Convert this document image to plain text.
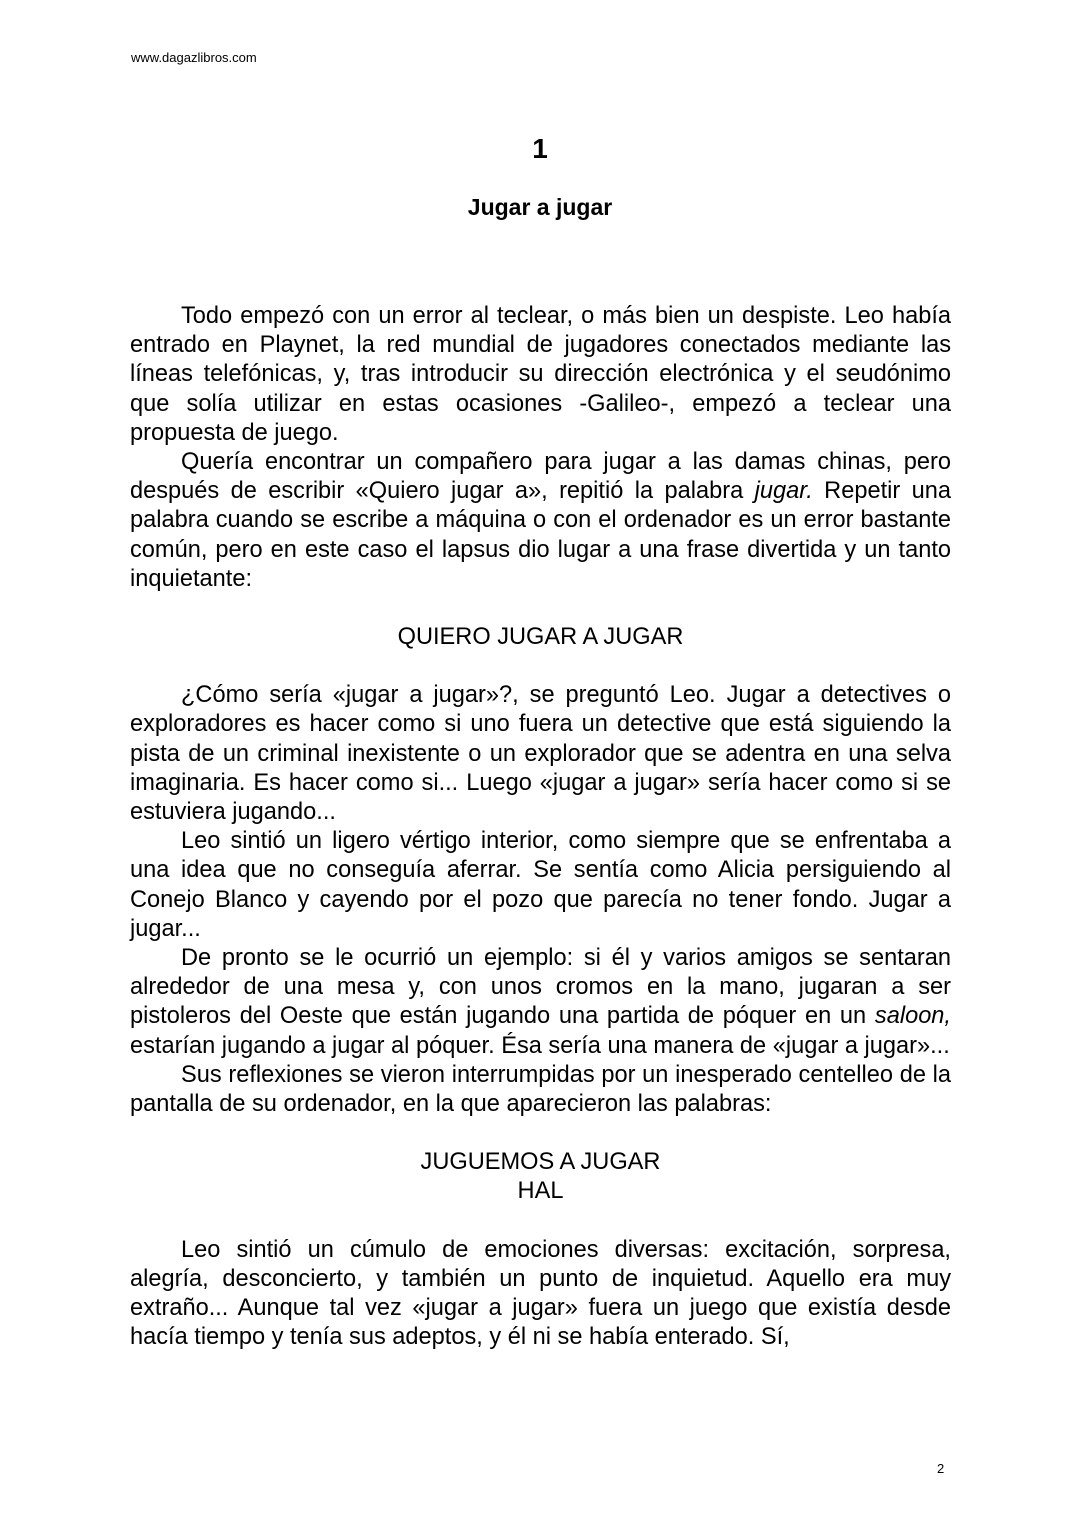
www.dagazlibros.com
1
Jugar a jugar

Todo empezó con un error al teclear, o más bien un despiste. Leo había entrado en Playnet, la red mundial de jugadores conectados mediante las líneas telefónicas, y, tras introducir su dirección electrónica y el seudónimo que solía utilizar en estas ocasiones -Galileo-, empezó a teclear una propuesta de juego.

Quería encontrar un compañero para jugar a las damas chinas, pero después de escribir «Quiero jugar a», repitió la palabra jugar. Repetir una palabra cuando se escribe a máquina o con el ordenador es un error bastante común, pero en este caso el lapsus dio lugar a una frase divertida y un tanto inquietante:

QUIERO JUGAR A JUGAR

¿Cómo sería «jugar a jugar»?, se preguntó Leo. Jugar a detectives o exploradores es hacer como si uno fuera un detective que está siguiendo la pista de un criminal inexistente o un explorador que se adentra en una selva imaginaria. Es hacer como si... Luego «jugar a jugar» sería hacer como si se estuviera jugando...

Leo sintió un ligero vértigo interior, como siempre que se enfrentaba a una idea que no conseguía aferrar. Se sentía como Alicia persiguiendo al Conejo Blanco y cayendo por el pozo que parecía no tener fondo. Jugar a jugar...

De pronto se le ocurrió un ejemplo: si él y varios amigos se sentaran alrededor de una mesa y, con unos cromos en la mano, jugaran a ser pistoleros del Oeste que están jugando una partida de póquer en un saloon, estarían jugando a jugar al póquer. Ésa sería una manera de «jugar a jugar»...

Sus reflexiones se vieron interrumpidas por un inesperado centelleo de la pantalla de su ordenador, en la que aparecieron las palabras:

JUGUEMOS A JUGAR
HAL

Leo sintió un cúmulo de emociones diversas: excitación, sorpresa, alegría, desconcierto, y también un punto de inquietud. Aquello era muy extraño... Aunque tal vez «jugar a jugar» fuera un juego que existía desde hacía tiempo y tenía sus adeptos, y él ni se había enterado. Sí,

2
